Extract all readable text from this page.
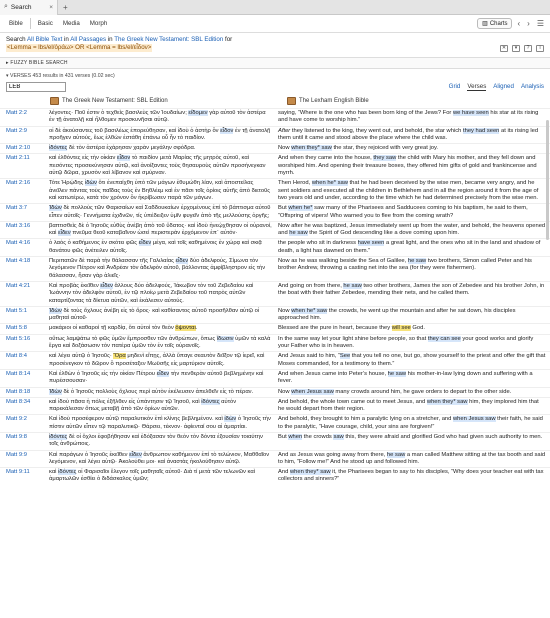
⌕ Search	×	+
Bible	Basic	Media	Morph	▥ Charts ‹ › ☰
Search All Bible Text in All Passages in The Greek New Testament: SBL Edition for
<Lemma = lbs/el/ὁράω> OR <Lemma = lbs/el/εἶδον>	✕	▾	?	i
▸ FUZZY BIBLE SEARCH
▾ VERSES 453 results in 431 verses (0.02 sec)
LEB
Grid Verses Aligned Analysis
The Greek New Testament: SBL Edition	The Lexham English Bible
Matt 2:2	λέγοντες· Ποῦ ἐστιν ὁ τεχθεὶς βασιλεὺς τῶν Ἰουδαίων; εἴδομεν γὰρ αὐτοῦ τὸν ἀστέρα ἐν τῇ ἀνατολῇ καὶ ἤλθομεν προσκυνῆσαι αὐτῷ.
saying, “Where is the one who has been born king of the Jews? For we have seen his star at its rising and have come to worship him.”
Matt 2:9	οἱ δὲ ἀκούσαντες τοῦ βασιλέως ἐπορεύθησαν, καὶ ἰδοὺ ὁ ἀστὴρ ὃν εἶδον ἐν τῇ ἀνατολῇ προῆγεν αὐτούς, ἕως ἐλθὼν ἐστάθη ἐπάνω οὗ ἦν τὸ παιδίον.
After they listened to the king, they went out, and behold, the star which they had seen at its rising led them until it came and stood above the place where the child was.
Matt 2:10	ἰδόντες δὲ τὸν ἀστέρα ἐχάρησαν χαρὰν μεγάλην σφόδρα.	Now when they* saw the star, they rejoiced with very great joy.
Matt 2:11	καὶ ἐλθόντες εἰς τὴν οἰκίαν εἶδον τὸ παιδίον μετὰ Μαρίας τῆς μητρὸς αὐτοῦ, καὶ πεσόντες προσεκύνησαν αὐτῷ, καὶ ἀνοίξαντες τοὺς θησαυροὺς αὐτῶν προσήνεγκαν αὐτῷ δῶρα, χρυσὸν καὶ λίβανον καὶ σμύρναν.
And when they came into the house, they saw the child with Mary his mother, and they fell down and worshiped him. And opening their treasure boxes, they offered him gifts of gold and frankincense and myrrh.
Matt 2:16	Τότε Ἡρῴδης ἰδὼν ὅτι ἐνεπαίχθη ὑπὸ τῶν μάγων ἐθυμώθη λίαν, καὶ ἀποστείλας ἀνεῖλεν πάντας τοὺς παῖδας τοὺς ἐν Βηθλέεμ καὶ ἐν πᾶσι τοῖς ὁρίοις αὐτῆς ἀπὸ διετοῦς καὶ κατωτέρω, κατὰ τὸν χρόνον ὃν ἠκρίβωσεν παρὰ τῶν μάγων.
Then Herod, when he* saw that he had been deceived by the wise men, became very angry, and he sent soldiers and executed all the children in Bethlehem and in all the region around it from the age of two years old and under, according to the time which he had determined precisely from the wise men.
Matt 3:7	Ἰδὼν δὲ πολλοὺς τῶν Φαρισαίων καὶ Σαδδουκαίων ἐρχομένους ἐπὶ τὸ βάπτισμα αὐτοῦ εἶπεν αὐτοῖς· Γεννήματα ἐχιδνῶν, τίς ὑπέδειξεν ὑμῖν φυγεῖν ἀπὸ τῆς μελλούσης ὀργῆς;
But when he* saw many of the Pharisees and Sadducees coming to his baptism, he said to them, “Offspring of vipers! Who warned you to flee from the coming wrath?
Matt 3:16	βαπτισθεὶς δὲ ὁ Ἰησοῦς εὐθὺς ἀνέβη ἀπὸ τοῦ ὕδατος· καὶ ἰδοὺ ἠνεῴχθησαν οἱ οὐρανοί, καὶ εἶδεν πνεῦμα θεοῦ καταβαῖνον ὡσεὶ περιστερὰν ἐρχόμενον ἐπ᾽ αὐτόν·
Now after he was baptized, Jesus immediately went up from the water, and behold, the heavens opened and he saw the Spirit of God descending like a dove coming upon him.
Matt 4:16	ὁ λαὸς ὁ καθήμενος ἐν σκότει φῶς εἶδεν μέγα, καὶ τοῖς καθημένοις ἐν χώρᾳ καὶ σκιᾷ θανάτου φῶς ἀνέτειλεν αὐτοῖς.
the people who sit in darkness have seen a great light, and the ones who sit in the land and shadow of death, a light has dawned on them.”
Matt 4:18	Περιπατῶν δὲ παρὰ τὴν θάλασσαν τῆς Γαλιλαίας εἶδεν δύο ἀδελφούς, Σίμωνα τὸν λεγόμενον Πέτρον καὶ Ἀνδρέαν τὸν ἀδελφὸν αὐτοῦ, βάλλοντας ἀμφίβληστρον εἰς τὴν θάλασσαν, ἦσαν γὰρ ἁλιεῖς·
Now as he was walking beside the Sea of Galilee, he saw two brothers, Simon called Peter and his brother Andrew, throwing a casting net into the sea (for they were fishermen).
Matt 4:21	Καὶ προβὰς ἐκεῖθεν εἶδεν ἄλλους δύο ἀδελφούς, Ἰάκωβον τὸν τοῦ Ζεβεδαίου καὶ Ἰωάννην τὸν ἀδελφὸν αὐτοῦ, ἐν τῷ πλοίῳ μετὰ Ζεβεδαίου τοῦ πατρὸς αὐτῶν καταρτίζοντας τὰ δίκτυα αὐτῶν, καὶ ἐκάλεσεν αὐτούς.
And going on from there, he saw two other brothers, James the son of Zebedee and his brother John, in the boat with their father Zebedee, mending their nets, and he called them.
Matt 5:1	Ἰδὼν δὲ τοὺς ὄχλους ἀνέβη εἰς τὸ ὄρος· καὶ καθίσαντος αὐτοῦ προσῆλθαν αὐτῷ οἱ μαθηταὶ αὐτοῦ·
Now when he* saw the crowds, he went up the mountain and after he sat down, his disciples approached him.
Matt 5:8	μακάριοι οἱ καθαροὶ τῇ καρδίᾳ, ὅτι αὐτοὶ τὸν θεὸν ὄψονται.	Blessed are the pure in heart, because they will see God.
Matt 5:16	οὕτως λαμψάτω τὸ φῶς ὑμῶν ἔμπροσθεν τῶν ἀνθρώπων, ὅπως ἴδωσιν ὑμῶν τὰ καλὰ ἔργα καὶ δοξάσωσιν τὸν πατέρα ὑμῶν τὸν ἐν τοῖς οὐρανοῖς.
In the same way let your light shine before people, so that they can see your good works and glorify your Father who is in heaven.
Matt 8:4	καὶ λέγει αὐτῷ ὁ Ἰησοῦς· Ὅρα μηδενὶ εἴπῃς, ἀλλὰ ὕπαγε σεαυτὸν δεῖξον τῷ ἱερεῖ, καὶ προσένεγκον τὸ δῶρον ὃ προσέταξεν Μωϋσῆς εἰς μαρτύριον αὐτοῖς.
And Jesus said to him, “See that you tell no one, but go, show yourself to the priest and offer the gift that Moses commanded, for a testimony to them.”
Matt 8:14	Καὶ ἐλθὼν ὁ Ἰησοῦς εἰς τὴν οἰκίαν Πέτρου εἶδεν τὴν πενθερὰν αὐτοῦ βεβλημένην καὶ πυρέσσουσαν·
And when Jesus came into Peter’s house, he saw his mother-in-law lying down and suffering with a fever.
Matt 8:18	Ἰδὼν δὲ ὁ Ἰησοῦς πολλοὺς ὄχλους περὶ αὐτὸν ἐκέλευσεν ἀπελθεῖν εἰς τὸ πέραν.	Now when Jesus saw many crowds around him, he gave orders to depart to the other side.
Matt 8:34	καὶ ἰδοὺ πᾶσα ἡ πόλις ἐξῆλθεν εἰς ὑπάντησιν τῷ Ἰησοῦ, καὶ ἰδόντες αὐτὸν παρεκάλεσαν ὅπως μεταβῇ ἀπὸ τῶν ὁρίων αὐτῶν.
And behold, the whole town came out to meet Jesus, and when they* saw him, they implored him that he would depart from their region.
Matt 9:2	Καὶ ἰδοὺ προσέφερον αὐτῷ παραλυτικὸν ἐπὶ κλίνης βεβλημένον. καὶ ἰδὼν ὁ Ἰησοῦς τὴν πίστιν αὐτῶν εἶπεν τῷ παραλυτικῷ· Θάρσει, τέκνον· ἀφίενταί σου αἱ ἁμαρτίαι.
And behold, they brought to him a paralytic lying on a stretcher, and when Jesus saw their faith, he said to the paralytic, “Have courage, child, your sins are forgiven!”
Matt 9:8	ἰδόντες δὲ οἱ ὄχλοι ἐφοβήθησαν καὶ ἐδόξασαν τὸν θεὸν τὸν δόντα ἐξουσίαν τοιαύτην τοῖς ἀνθρώποις.
But when the crowds saw this, they were afraid and glorified God who had given such authority to men.
Matt 9:9	Καὶ παράγων ὁ Ἰησοῦς ἐκεῖθεν εἶδεν ἄνθρωπον καθήμενον ἐπὶ τὸ τελώνιον, Μαθθαῖον λεγόμενον, καὶ λέγει αὐτῷ· Ἀκολούθει μοι· καὶ ἀναστὰς ἠκολούθησεν αὐτῷ.
And as Jesus was going away from there, he saw a man called Matthew sitting at the tax booth and said to him, “Follow me!” And he stood up and followed him.
Matt 9:11	καὶ ἰδόντες οἱ Φαρισαῖοι ἔλεγον τοῖς μαθηταῖς αὐτοῦ· Διὰ τί μετὰ τῶν τελωνῶν καὶ ἁμαρτωλῶν ἐσθίει ὁ διδάσκαλος ὑμῶν;
And when they* saw it, the Pharisees began to say to his disciples, “Why does your teacher eat with tax collectors and sinners?”
